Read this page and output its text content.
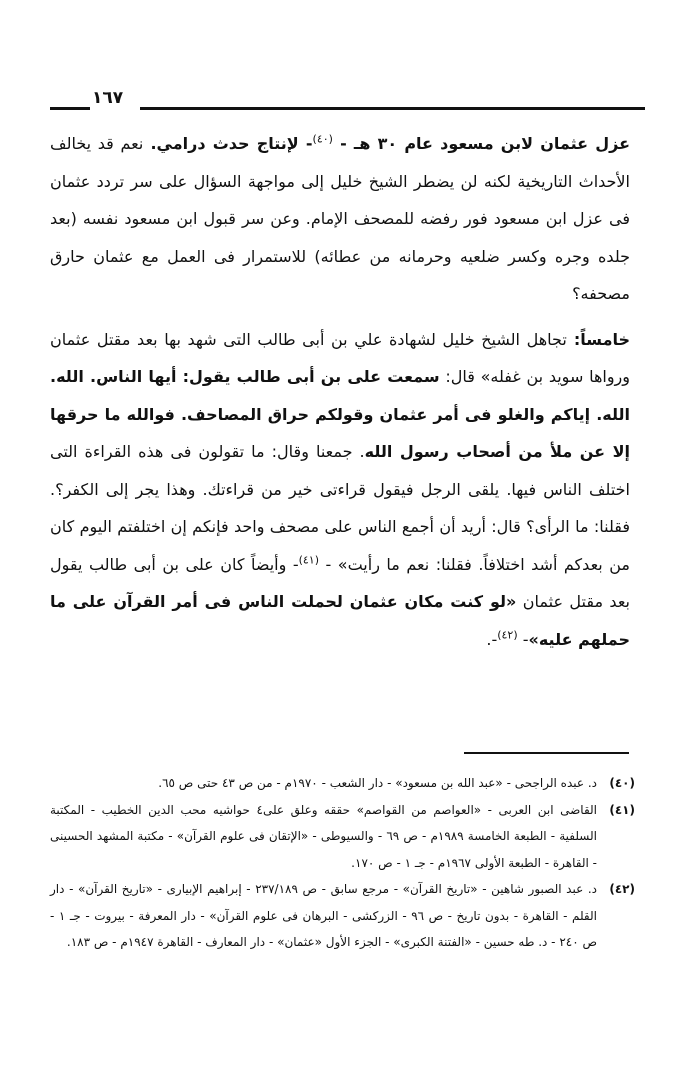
١٦٧

عزل عثمان لابن مسعود عام ٣٠ هـ - $^{(٤٠)}$- لإنتاج حدث درامي. نعم قد يخالف الأحداث التاريخية لكنه لن يضطر الشيخ خليل إلى مواجهة السؤال على سر تردد عثمان فى عزل ابن مسعود فور رفضه للمصحف الإمام. وعن سر قبول ابن مسعود نفسه (بعد جلده وجره وكسر ضلعيه وحرمانه من عطائه) للاستمرار فى العمل مع عثمان حارق مصحفه؟

خامساً: تجاهل الشيخ خليل لشهادة علي بن أبى طالب التى شهد بها بعد مقتل عثمان ورواها سويد بن غفله» قال: سمعت على بن أبى طالب يقول: أيها الناس. الله. الله. إياكم والغلو فى أمر عثمان وقولكم حراق المصاحف. فوالله ما حرقها إلا عن ملأ من أصحاب رسول الله. جمعنا وقال: ما تقولون فى هذه القراءة التى اختلف الناس فيها. يلقى الرجل فيقول قراءتى خير من قراءتك. وهذا يجر إلى الكفر؟. فقلنا: ما الرأى؟ قال: أريد أن أجمع الناس على مصحف واحد فإنكم إن اختلفتم اليوم كان من بعدكم أشد اختلافاً. فقلنا: نعم ما رأيت» - $^{(٤١)}$- وأيضاً كان على بن أبى طالب يقول بعد مقتل عثمان «لو كنت مكان عثمان لحملت الناس فى أمر القرآن على ما حملهم عليه»- $^{(٤٢)}$-.

(٤٠)
د. عبده الراجحى - «عبد الله بن مسعود» - دار الشعب - ١٩٧٠م - من ص ٤٣ حتى ص ٦٥.

(٤١)
القاضى ابن العربى - «العواصم من القواصم» حققه وعلق على٤ حواشيه محب الدين الخطيب - المكتبة السلفية - الطبعة الخامسة ١٩٨٩م - ص ٦٩ - والسيوطى - «الإتقان فى علوم القرآن» - مكتبة المشهد الحسينى - القاهرة - الطبعة الأولى ١٩٦٧م - جـ ١ - ص ١٧٠.

(٤٢)
د. عبد الصبور شاهين - «تاريخ القرآن» - مرجع سابق - ص ٢٣٧/١٨٩ - إبراهيم الإبيارى - «تاريخ القرآن» - دار القلم - القاهرة - بدون تاريخ - ص ٩٦ - الزركشى - البرهان فى علوم القرآن» - دار المعرفة - بيروت - جـ ١ - ص ٢٤٠ - د. طه حسين - «الفتنة الكبرى» - الجزء الأول «عثمان» - دار المعارف - القاهرة ١٩٤٧م - ص ١٨٣.
